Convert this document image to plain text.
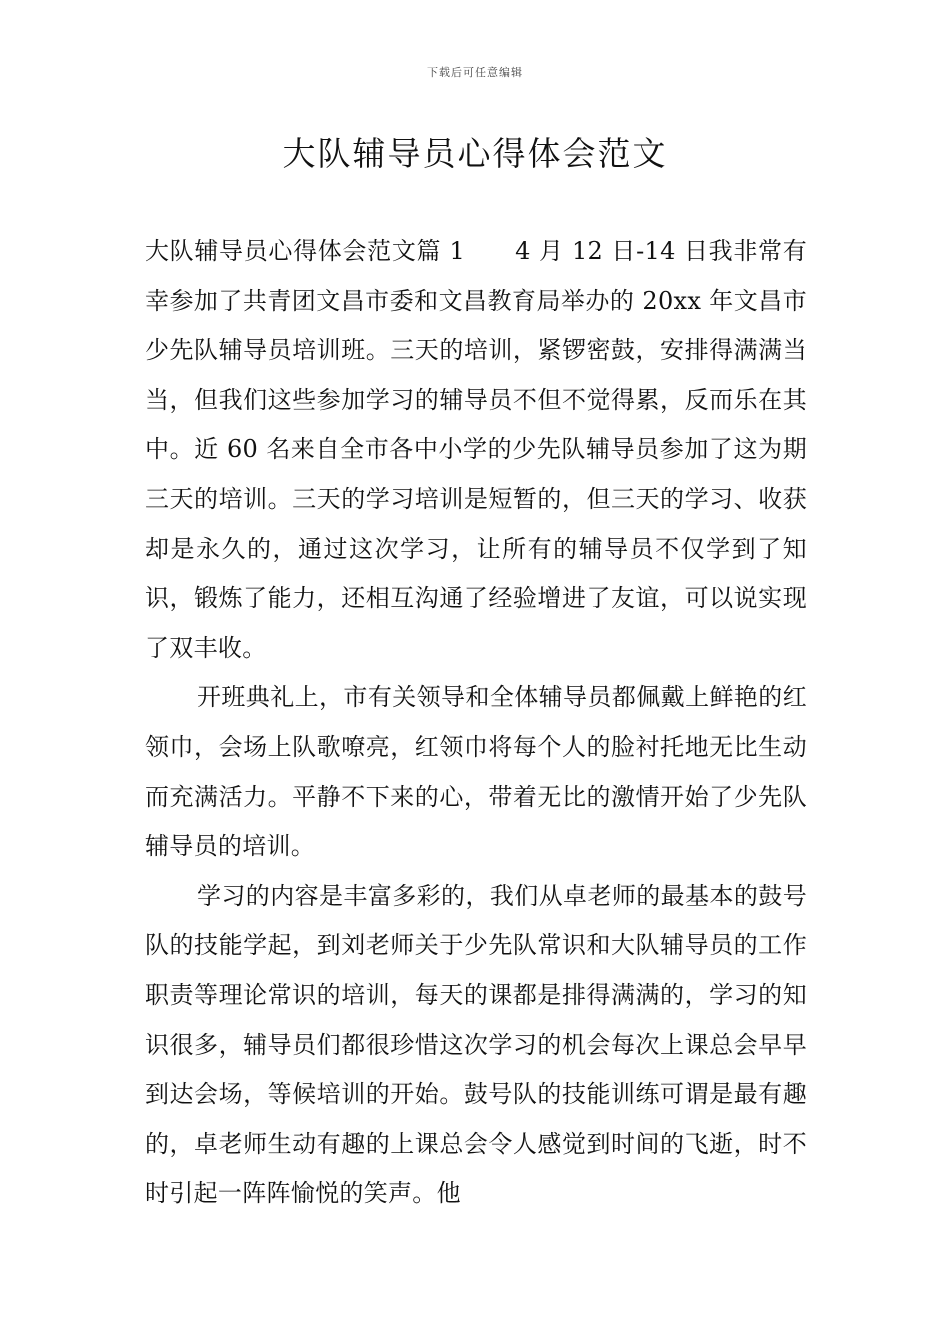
下载后可任意编辑
大队辅导员心得体会范文

大队辅导员心得体会范文篇 1 4 月 12 日-14 日我非常有幸参加了共青团文昌市委和文昌教育局举办的 20xx 年文昌市少先队辅导员培训班。三天的培训，紧锣密鼓，安排得满满当当，但我们这些参加学习的辅导员不但不觉得累，反而乐在其中。近 60 名来自全市各中小学的少先队辅导员参加了这为期三天的培训。三天的学习培训是短暂的，但三天的学习、收获却是永久的，通过这次学习，让所有的辅导员不仅学到了知识，锻炼了能力，还相互沟通了经验增进了友谊，可以说实现了双丰收。

开班典礼上，市有关领导和全体辅导员都佩戴上鲜艳的红领巾，会场上队歌嘹亮，红领巾将每个人的脸衬托地无比生动而充满活力。平静不下来的心，带着无比的激情开始了少先队辅导员的培训。

学习的内容是丰富多彩的，我们从卓老师的最基本的鼓号队的技能学起，到刘老师关于少先队常识和大队辅导员的工作职责等理论常识的培训，每天的课都是排得满满的，学习的知识很多，辅导员们都很珍惜这次学习的机会每次上课总会早早到达会场，等候培训的开始。鼓号队的技能训练可谓是最有趣的，卓老师生动有趣的上课总会令人感觉到时间的飞逝，时不时引起一阵阵愉悦的笑声。他
